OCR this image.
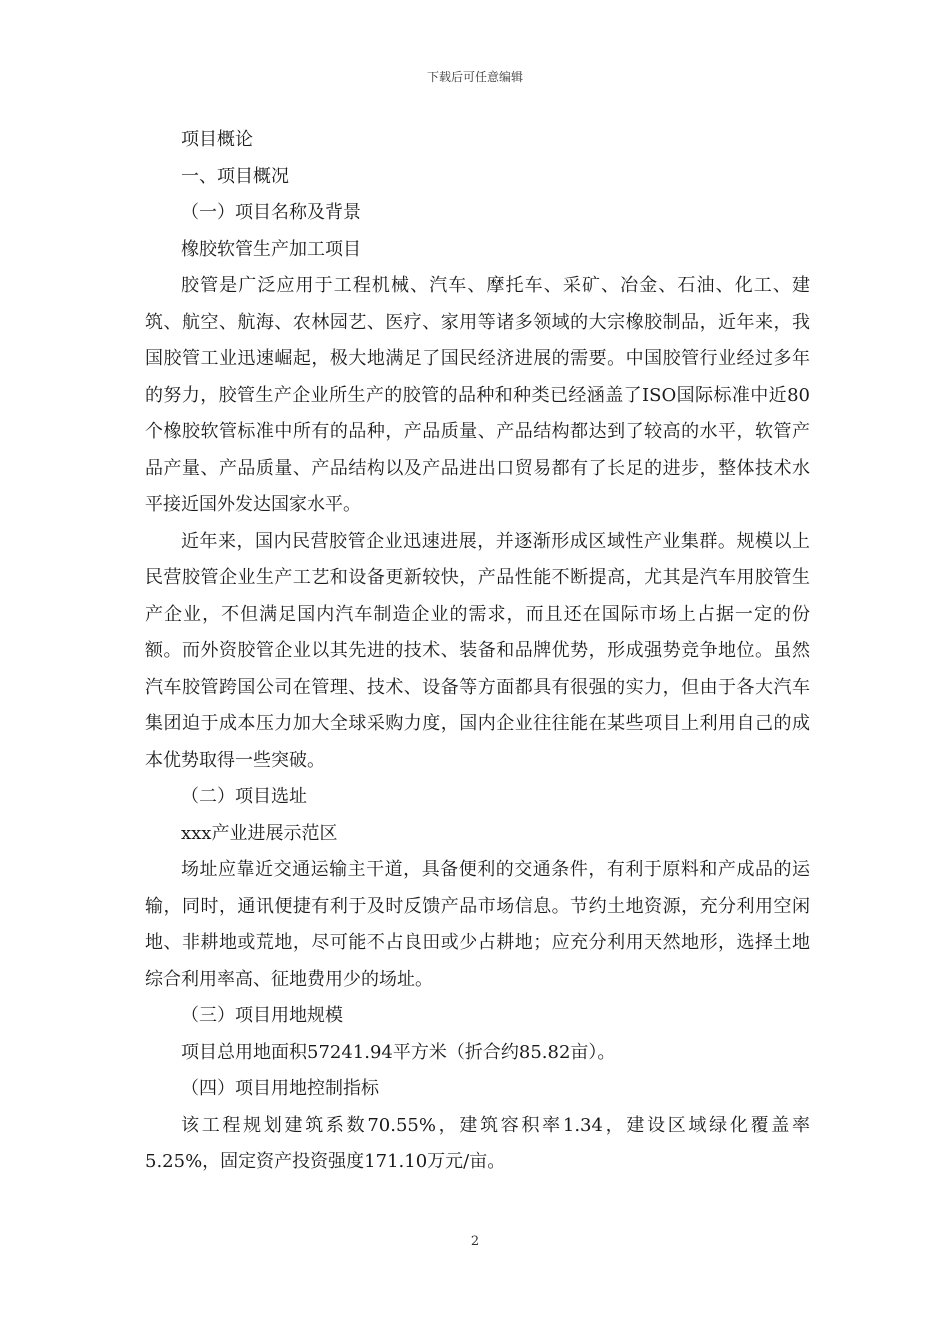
下载后可任意编辑
项目概论
一、项目概况
（一）项目名称及背景
橡胶软管生产加工项目

胶管是广泛应用于工程机械、汽车、摩托车、采矿、冶金、石油、化工、建筑、航空、航海、农林园艺、医疗、家用等诸多领域的大宗橡胶制品，近年来，我国胶管工业迅速崛起，极大地满足了国民经济进展的需要。中国胶管行业经过多年的努力，胶管生产企业所生产的胶管的品种和种类已经涵盖了ISO国际标准中近80个橡胶软管标准中所有的品种，产品质量、产品结构都达到了较高的水平，软管产品产量、产品质量、产品结构以及产品进出口贸易都有了长足的进步，整体技术水平接近国外发达国家水平。

近年来，国内民营胶管企业迅速进展，并逐渐形成区域性产业集群。规模以上民营胶管企业生产工艺和设备更新较快，产品性能不断提高，尤其是汽车用胶管生产企业，不但满足国内汽车制造企业的需求，而且还在国际市场上占据一定的份额。而外资胶管企业以其先进的技术、装备和品牌优势，形成强势竞争地位。虽然汽车胶管跨国公司在管理、技术、设备等方面都具有很强的实力，但由于各大汽车集团迫于成本压力加大全球采购力度，国内企业往往能在某些项目上利用自己的成本优势取得一些突破。

（二）项目选址
xxx产业进展示范区

场址应靠近交通运输主干道，具备便利的交通条件，有利于原料和产成品的运输，同时，通讯便捷有利于及时反馈产品市场信息。节约土地资源，充分利用空闲地、非耕地或荒地，尽可能不占良田或少占耕地；应充分利用天然地形，选择土地综合利用率高、征地费用少的场址。

（三）项目用地规模
项目总用地面积57241.94平方米（折合约85.82亩）。
（四）项目用地控制指标

该工程规划建筑系数70.55%，建筑容积率1.34，建设区域绿化覆盖率5.25%，固定资产投资强度171.10万元/亩。

2
